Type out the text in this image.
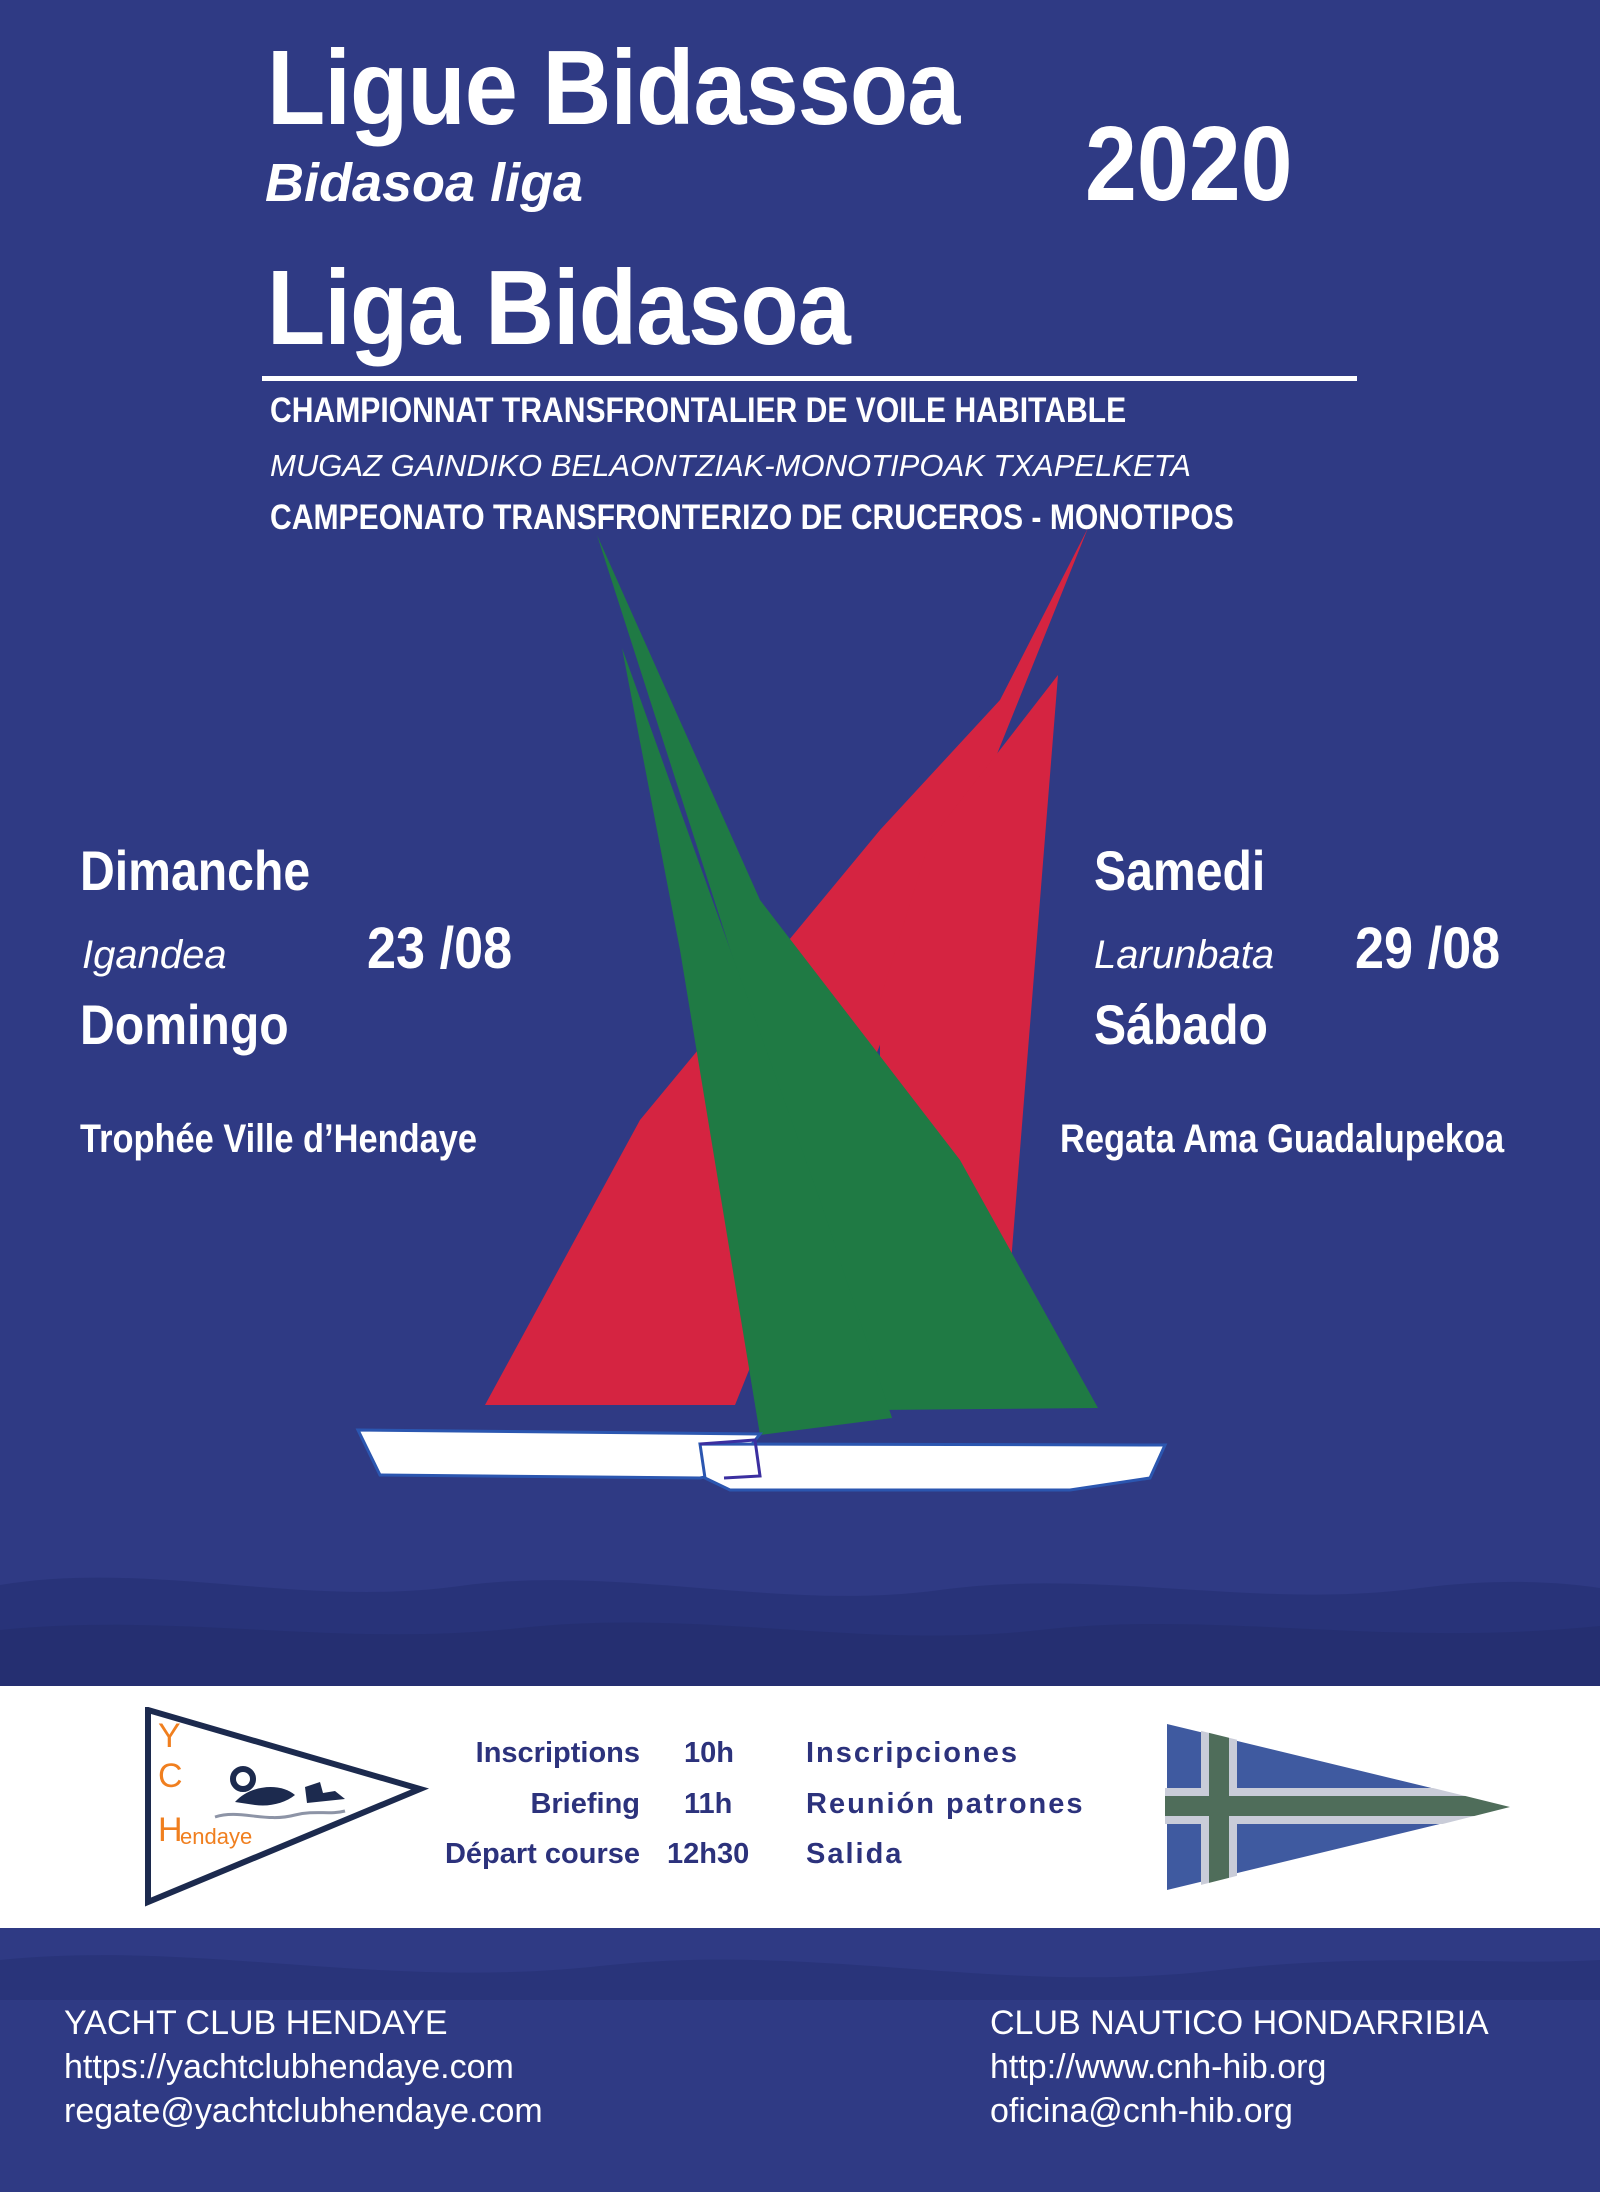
Ligue Bidassoa
Bidasoa liga
Liga Bidasoa
2020
CHAMPIONNAT TRANSFRONTALIER DE VOILE HABITABLE
MUGAZ GAINDIKO BELAONTZIAK-MONOTIPOAK TXAPELKETA
CAMPEONATO TRANSFRONTERIZO DE CRUCEROS - MONOTIPOS
Dimanche
Igandea 23 /08
Domingo
Trophée Ville d’Hendaye
Samedi
Larunbata 29 /08
Sábado
Regata Ama Guadalupekoa
Y
C
H
endaye
Inscriptions 10h Inscripciones
Briefing 11h	Reunión patrones
Départ course 12h30 Salida
YACHT CLUB HENDAYE
https://yachtclubhendaye.com
regate@yachtclubhendaye.com
CLUB NAUTICO HONDARRIBIA
http://www.cnh-hib.org
oficina@cnh-hib.org
